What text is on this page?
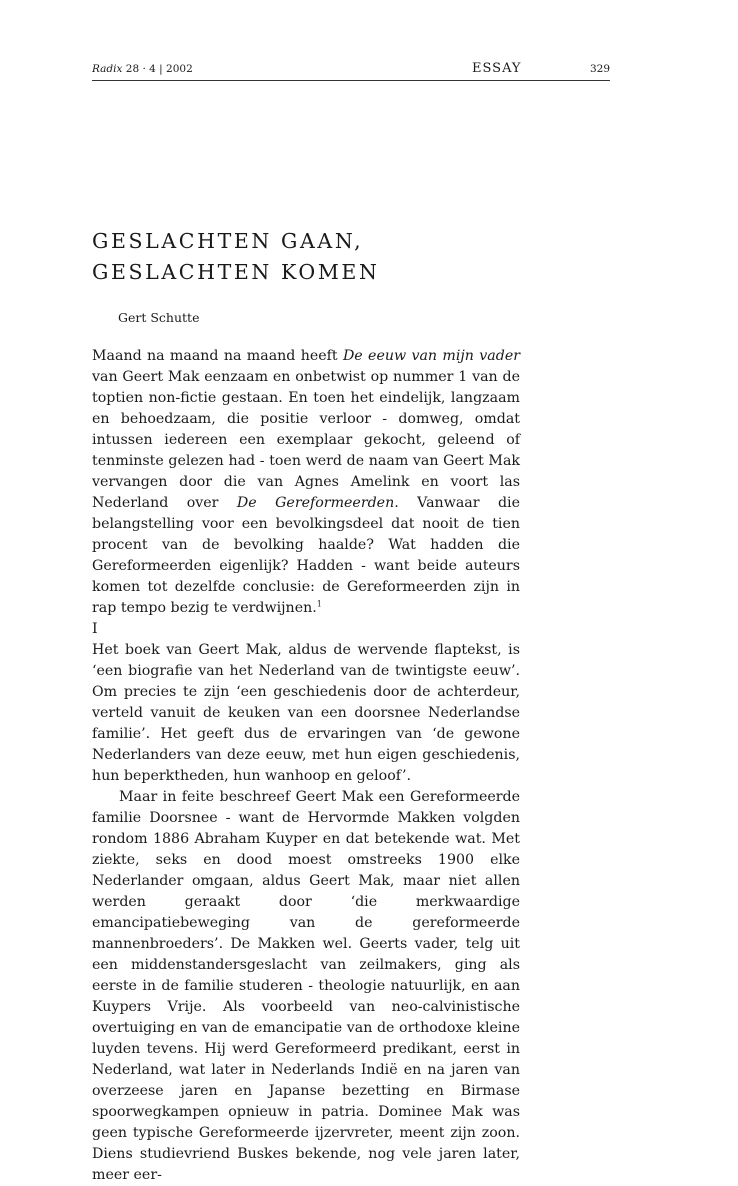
Radix 28 · 4 | 2002	ESSAY	329
GESLACHTEN GAAN,
GESLACHTEN KOMEN
Gert Schutte

Maand na maand na maand heeft De eeuw van mijn vader van Geert Mak eenzaam en onbetwist op nummer 1 van de toptien non-fictie gestaan. En toen het eindelijk, langzaam en behoedzaam, die positie verloor - domweg, omdat intussen iedereen een exemplaar gekocht, geleend of tenminste gelezen had - toen werd de naam van Geert Mak vervangen door die van Agnes Amelink en voort las Nederland over De Gereformeerden. Vanwaar die belangstelling voor een bevolkingsdeel dat nooit de tien procent van de bevolking haalde? Wat hadden die Gereformeerden eigenlijk? Hadden - want beide auteurs komen tot dezelfde conclusie: de Gereformeerden zijn in rap tempo bezig te verdwijnen.$^1$

I

Het boek van Geert Mak, aldus de wervende flaptekst, is ‘een biografie van het Nederland van de twintigste eeuw’. Om precies te zijn ‘een geschiedenis door de achterdeur, verteld vanuit de keuken van een doorsnee Nederlandse familie’. Het geeft dus de ervaringen van ‘de gewone Nederlanders van deze eeuw, met hun eigen geschiedenis, hun beperktheden, hun wanhoop en geloof’.

Maar in feite beschreef Geert Mak een Gereformeerde familie Doorsnee - want de Hervormde Makken volgden rondom 1886 Abraham Kuyper en dat betekende wat. Met ziekte, seks en dood moest omstreeks 1900 elke Nederlander omgaan, aldus Geert Mak, maar niet allen werden geraakt door ‘die merkwaardige emancipatiebeweging van de gereformeerde mannenbroeders’. De Makken wel. Geerts vader, telg uit een middenstandersgeslacht van zeilmakers, ging als eerste in de familie studeren - theologie natuurlijk, en aan Kuypers Vrije. Als voorbeeld van neo-calvinistische overtuiging en van de emancipatie van de orthodoxe kleine luyden tevens. Hij werd Gereformeerd predikant, eerst in Nederland, wat later in Nederlands Indië en na jaren van overzeese jaren en Japanse bezetting en Birmase spoorwegkampen opnieuw in patria. Dominee Mak was geen typische Gereformeerde ijzervreter, meent zijn zoon. Diens studievriend Buskes bekende, nog vele jaren later, meer eer-
